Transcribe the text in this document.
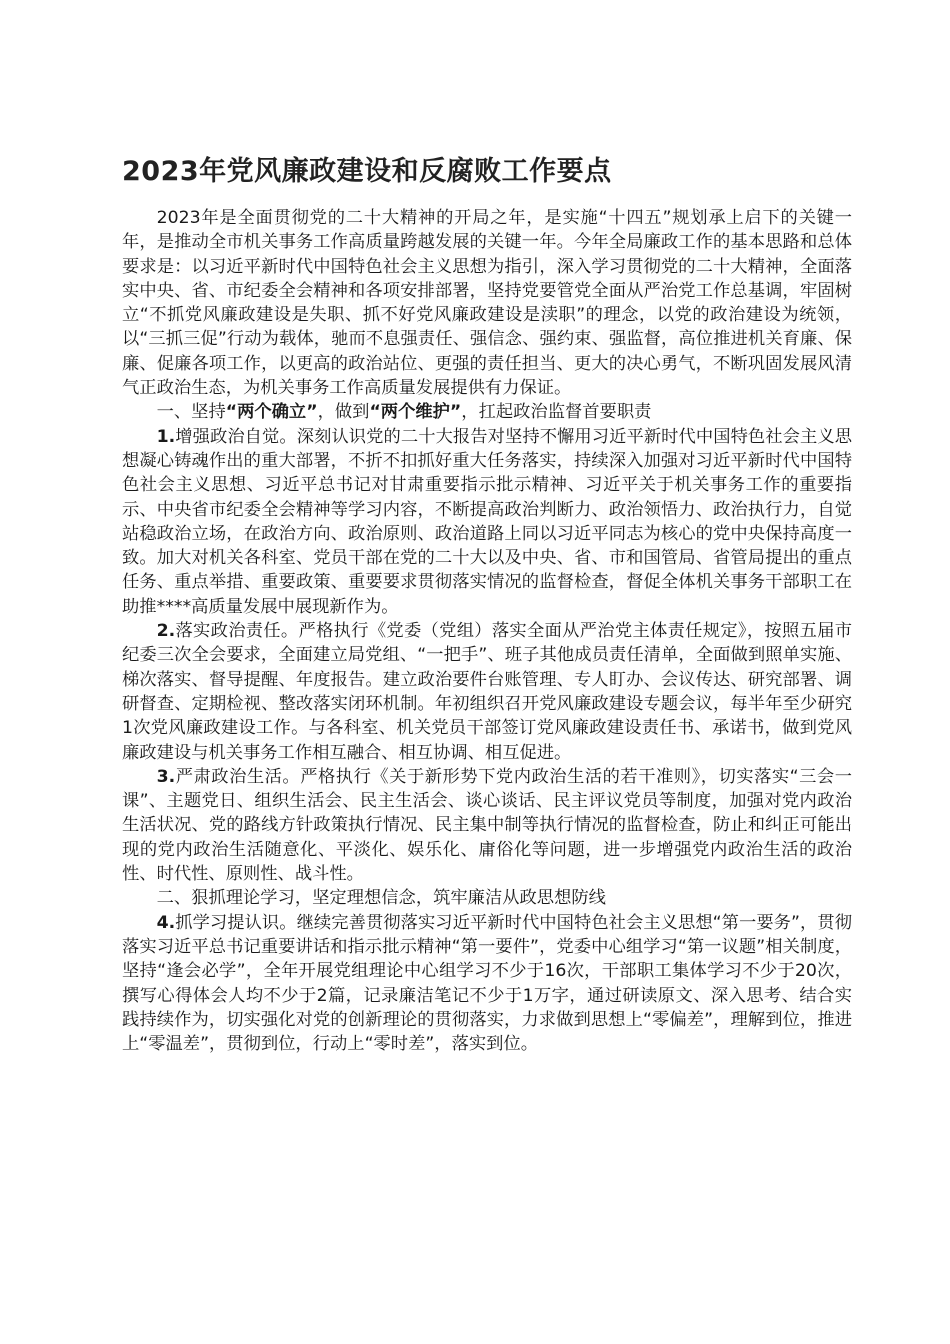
2023年党风廉政建设和反腐败工作要点

2023年是全面贯彻党的二十大精神的开局之年，是实施“十四五”规划承上启下的关键一年，是推动全市机关事务工作高质量跨越发展的关键一年。今年全局廉政工作的基本思路和总体要求是：以习近平新时代中国特色社会主义思想为指引，深入学习贯彻党的二十大精神，全面落实中央、省、市纪委全会精神和各项安排部署，坚持党要管党全面从严治党工作总基调，牢固树立“不抓党风廉政建设是失职、抓不好党风廉政建设是渎职”的理念，以党的政治建设为统领，以“三抓三促”行动为载体，驰而不息强责任、强信念、强约束、强监督，高位推进机关育廉、保廉、促廉各项工作，以更高的政治站位、更强的责任担当、更大的决心勇气，不断巩固发展风清气正政治生态，为机关事务工作高质量发展提供有力保证。

一、坚持“两个确立”，做到“两个维护”，扛起政治监督首要职责

1.增强政治自觉。深刻认识党的二十大报告对坚持不懈用习近平新时代中国特色社会主义思想凝心铸魂作出的重大部署，不折不扣抓好重大任务落实，持续深入加强对习近平新时代中国特色社会主义思想、习近平总书记对甘肃重要指示批示精神、习近平关于机关事务工作的重要指示、中央省市纪委全会精神等学习内容，不断提高政治判断力、政治领悟力、政治执行力，自觉站稳政治立场，在政治方向、政治原则、政治道路上同以习近平同志为核心的党中央保持高度一致。加大对机关各科室、党员干部在党的二十大以及中央、省、市和国管局、省管局提出的重点任务、重点举措、重要政策、重要要求贯彻落实情况的监督检查，督促全体机关事务干部职工在助推****高质量发展中展现新作为。

2.落实政治责任。严格执行《党委（党组）落实全面从严治党主体责任规定》，按照五届市纪委三次全会要求，全面建立局党组、“一把手”、班子其他成员责任清单，全面做到照单实施、梯次落实、督导提醒、年度报告。建立政治要件台账管理、专人盯办、会议传达、研究部署、调研督查、定期检视、整改落实闭环机制。年初组织召开党风廉政建设专题会议，每半年至少研究1次党风廉政建设工作。与各科室、机关党员干部签订党风廉政建设责任书、承诺书，做到党风廉政建设与机关事务工作相互融合、相互协调、相互促进。

3.严肃政治生活。严格执行《关于新形势下党内政治生活的若干准则》，切实落实“三会一课”、主题党日、组织生活会、民主生活会、谈心谈话、民主评议党员等制度，加强对党内政治生活状况、党的路线方针政策执行情况、民主集中制等执行情况的监督检查，防止和纠正可能出现的党内政治生活随意化、平淡化、娱乐化、庸俗化等问题，进一步增强党内政治生活的政治性、时代性、原则性、战斗性。

二、狠抓理论学习，坚定理想信念，筑牢廉洁从政思想防线

4.抓学习提认识。继续完善贯彻落实习近平新时代中国特色社会主义思想“第一要务”，贯彻落实习近平总书记重要讲话和指示批示精神“第一要件”，党委中心组学习“第一议题”相关制度，坚持“逢会必学”，全年开展党组理论中心组学习不少于16次，干部职工集体学习不少于20次，撰写心得体会人均不少于2篇，记录廉洁笔记不少于1万字，通过研读原文、深入思考、结合实践持续作为，切实强化对党的创新理论的贯彻落实，力求做到思想上“零偏差”，理解到位，推进上“零温差”，贯彻到位，行动上“零时差”，落实到位。
